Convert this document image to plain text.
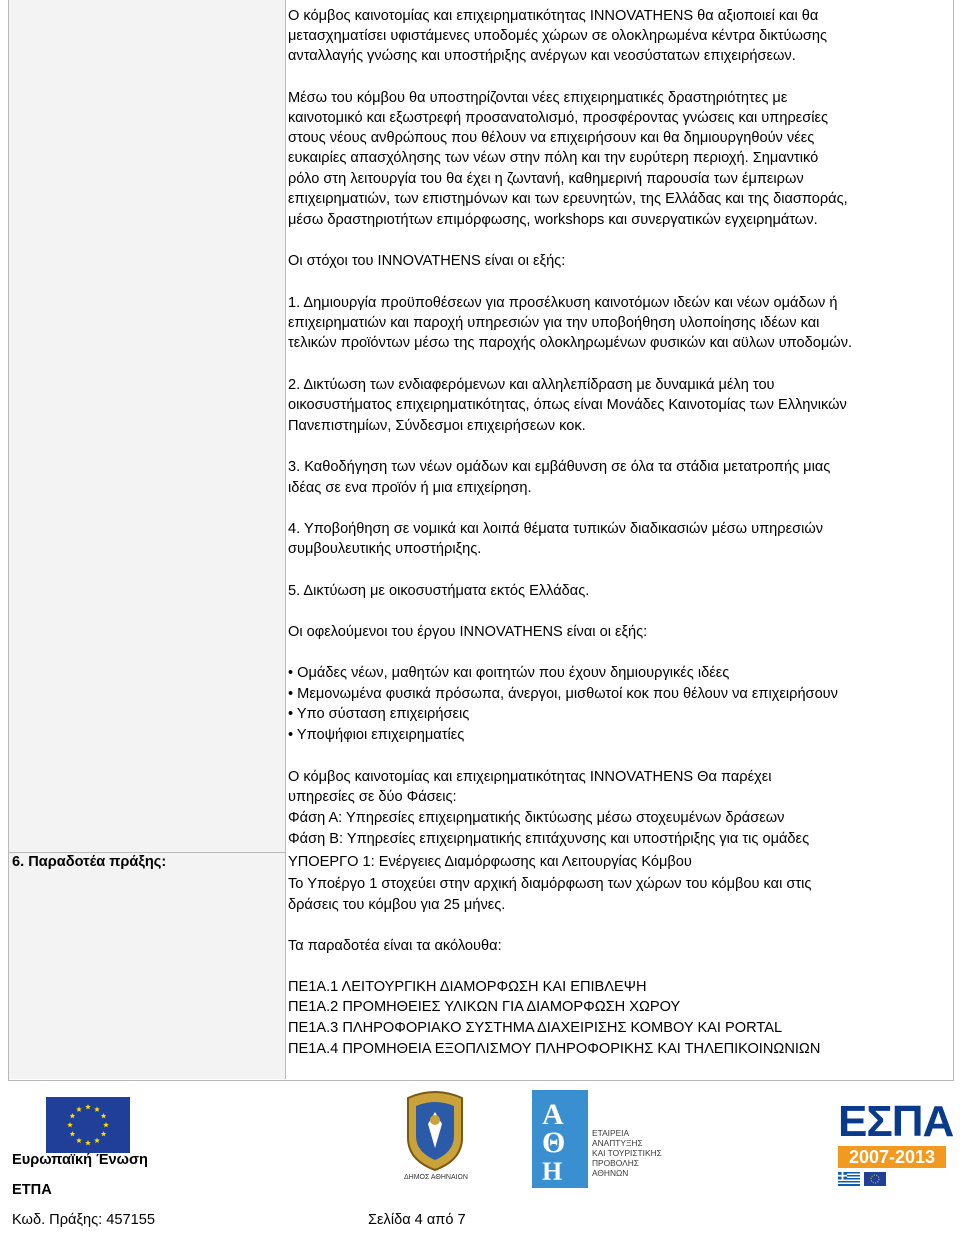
6. Παραδοτέα πράξης:
Ο κόμβος καινοτομίας και επιχειρηματικότητας INNOVATHENS θα αξιοποιεί και θα
μετασχηματίσει υφιστάμενες υποδομές χώρων σε ολοκληρωμένα κέντρα δικτύωσης
ανταλλαγής γνώσης και υποστήριξης ανέργων και νεοσύστατων επιχειρήσεων.
Μέσω του κόμβου θα υποστηρίζονται νέες επιχειρηματικές δραστηριότητες με
καινοτομικό και εξωστρεφή προσανατολισμό, προσφέροντας γνώσεις και υπηρεσίες
στους νέους ανθρώπους που θέλουν να επιχειρήσουν και θα δημιουργηθούν νέες
ευκαιρίες απασχόλησης των νέων στην πόλη και την ευρύτερη περιοχή. Σημαντικό
ρόλο στη λειτουργία του θα έχει η ζωντανή, καθημερινή παρουσία των έμπειρων
επιχειρηματιών, των επιστημόνων και των ερευνητών, της Ελλάδας και της διασποράς,
μέσω δραστηριοτήτων επιμόρφωσης, workshops και συνεργατικών εγχειρημάτων.
Οι στόχοι του INNOVATHENS είναι οι εξής:
1. Δημιουργία προϋποθέσεων για προσέλκυση καινοτόμων ιδεών και νέων ομάδων ή
επιχειρηματιών και παροχή υπηρεσιών για την υποβοήθηση υλοποίησης ιδέων και
τελικών προϊόντων μέσω της παροχής ολοκληρωμένων φυσικών και αϋλων υποδομών.
2. Δικτύωση των ενδιαφερόμενων και αλληλεπίδραση με δυναμικά μέλη του
οικοσυστήματος επιχειρηματικότητας, όπως είναι Μονάδες Καινοτομίας των Ελληνικών
Πανεπιστημίων, Σύνδεσμοι επιχειρήσεων κοκ.
3. Καθοδήγηση των νέων ομάδων και εμβάθυνση σε όλα τα στάδια μετατροπής μιας
ιδέας σε ενα προϊόν ή μια επιχείρηση.
4. Υποβοήθηση σε νομικά και λοιπά θέματα τυπικών διαδικασιών μέσω υπηρεσιών
συμβουλευτικής υποστήριξης.
5. Δικτύωση με οικοσυστήματα εκτός Ελλάδας.
Οι οφελούμενοι του έργου INNOVATHENS είναι οι εξής:
• Ομάδες νέων, μαθητών και φοιτητών που έχουν δημιουργικές ιδέες
• Μεμονωμένα φυσικά πρόσωπα, άνεργοι, μισθωτοί κοκ που θέλουν να επιχειρήσουν
• Υπο σύσταση επιχειρήσεις
• Υποψήφιοι επιχειρηματίες
Ο κόμβος καινοτομίας και επιχειρηματικότητας INNOVATHENS Θα παρέχει
υπηρεσίες σε δύο Φάσεις:
Φάση Α: Υπηρεσίες επιχειρηματικής δικτύωσης μέσω στοχευμένων δράσεων
Φάση Β: Υπηρεσίες επιχειρηματικής επιτάχυνσης και υποστήριξης για τις ομάδες
ΥΠΟΕΡΓΟ 1: Ενέργειες Διαμόρφωσης και Λειτουργίας Κόμβου
Το Υποέργο 1 στοχεύει στην αρχική διαμόρφωση των χώρων του κόμβου και στις
δράσεις του κόμβου για 25 μήνες.
Τα παραδοτέα είναι τα ακόλουθα:
ΠΕ1Α.1 ΛΕΙΤΟΥΡΓΙΚΗ ΔΙΑΜΟΡΦΩΣΗ ΚΑΙ ΕΠΙΒΛΕΨΗ
ΠΕ1Α.2 ΠΡΟΜΗΘΕΙΕΣ ΥΛΙΚΩΝ ΓΙΑ ΔΙΑΜΟΡΦΩΣΗ ΧΩΡΟΥ
ΠΕ1Α.3 ΠΛΗΡΟΦΟΡΙΑΚΟ ΣΥΣΤΗΜΑ ΔΙΑΧΕΙΡΙΣΗΣ ΚΟΜΒΟΥ ΚΑΙ PORTAL
ΠΕ1Α.4 ΠΡΟΜΗΘΕΙΑ ΕΞΟΠΛΙΣΜΟΥ ΠΛΗΡΟΦΟΡΙΚΗΣ ΚΑΙ ΤΗΛΕΠΙΚΟΙΝΩΝΙΩΝ
Ευρωπαϊκή Ένωση
ΕΤΠΑ
Κωδ. Πράξης: 457155	Σελίδα 4 από 7
ΔΗΜΟΣ ΑΘΗΝΑΙΩΝ
Α
Θ
Η
ΕΤΑΙΡΕΙΑ
ΑΝΑΠΤΥΞΗΣ
ΚΑΙ ΤΟΥΡΙΣΤΙΚΗΣ
ΠΡΟΒΟΛΗΣ
ΑΘΗΝΩΝ
ΕΣΠΑ
2007-2013
